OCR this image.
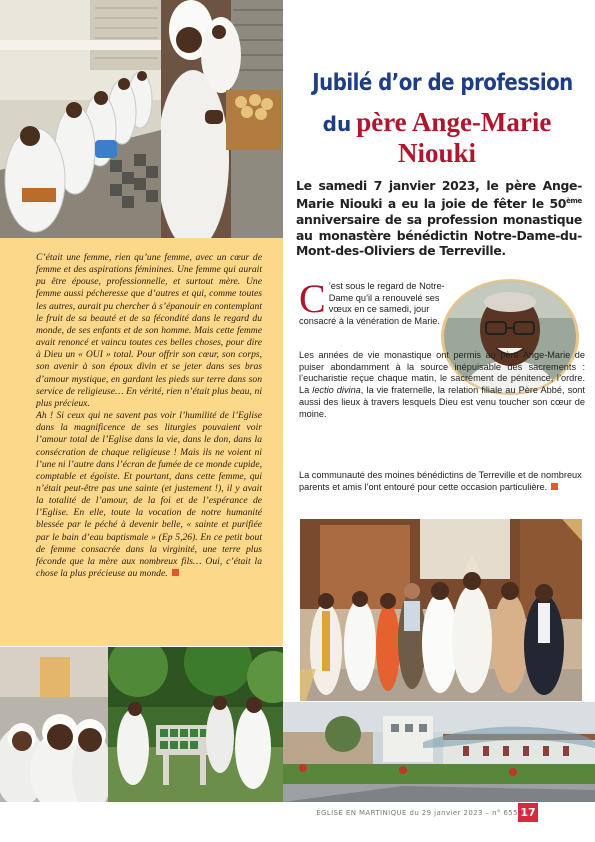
C’était une femme, rien qu’une femme, avec un cœur de femme et des aspirations féminines. Une femme qui aurait pu être épouse, professionnelle, et surtout mère. Une femme aussi pécheresse que d’autres et qui, comme toutes les autres, aurait pu chercher à s’épanouir en contemplant le fruit de sa beauté et de sa fécondité dans le regard du monde, de ses enfants et de son homme. Mais cette femme avait renoncé et vaincu toutes ces belles choses, pour dire à Dieu un « OUI » total. Pour offrir son cœur, son corps, son avenir à son époux divin et se jeter dans ses bras d’amour mystique, en gardant les pieds sur terre dans son service de religieuse… En vérité, rien n’était plus beau, ni plus précieux.

Ah ! Si ceux qui ne savent pas voir l’humilité de l’Eglise dans la magnificence de ses liturgies pouvaient voir l’amour total de l’Eglise dans la vie, dans le don, dans la consécration de chaque religieuse ! Mais ils ne voient ni l’une ni l’autre dans l’écran de fumée de ce monde cupide, comptable et égoïste. Et pourtant, dans cette femme, qui n’était peut-être pas une sainte (et justement !), il y avait la totalité de l’amour, de la foi et de l’espérance de l’Eglise. En elle, toute la vocation de notre humanité blessée par le péché à devenir belle, « sainte et purifiée par le bain d’eau baptismale » (Ep 5,26). En ce petit bout de femme consacrée dans la virginité, une terre plus féconde que la mère aux nombreux fils… Oui, c’était la chose la plus précieuse au monde.

Jubilé d’or de profession
du père Ange-Marie
Niouki
Le samedi 7 janvier 2023, le père Ange-Marie Niouki a eu la joie de fêter le 50ème anniversaire de sa profession monastique au monastère bénédictin Notre-Dame-du-Mont-des-Oliviers de Terreville.
C ’est sous le regard de Notre-Dame qu’il a renouvelé ses vœux en ce samedi, jour consacré à la vénération de Marie.
Les années de vie monastique ont permis au père Ange-Marie de puiser abondamment à la source inépuisable des sacrements : l’eucharistie reçue chaque matin, le sacrement de pénitence, l’ordre. La lectio divina, la vie fraternelle, la relation filiale au Père Abbé, sont aussi des lieux à travers lesquels Dieu est venu toucher son cœur de moine.
La communauté des moines bénédictins de Terreville et de nombreux parents et amis l’ont entouré pour cette occasion particulière.
ÉGLISE EN MARTINIQUE du 29 janvier 2023 – n° 655 17
